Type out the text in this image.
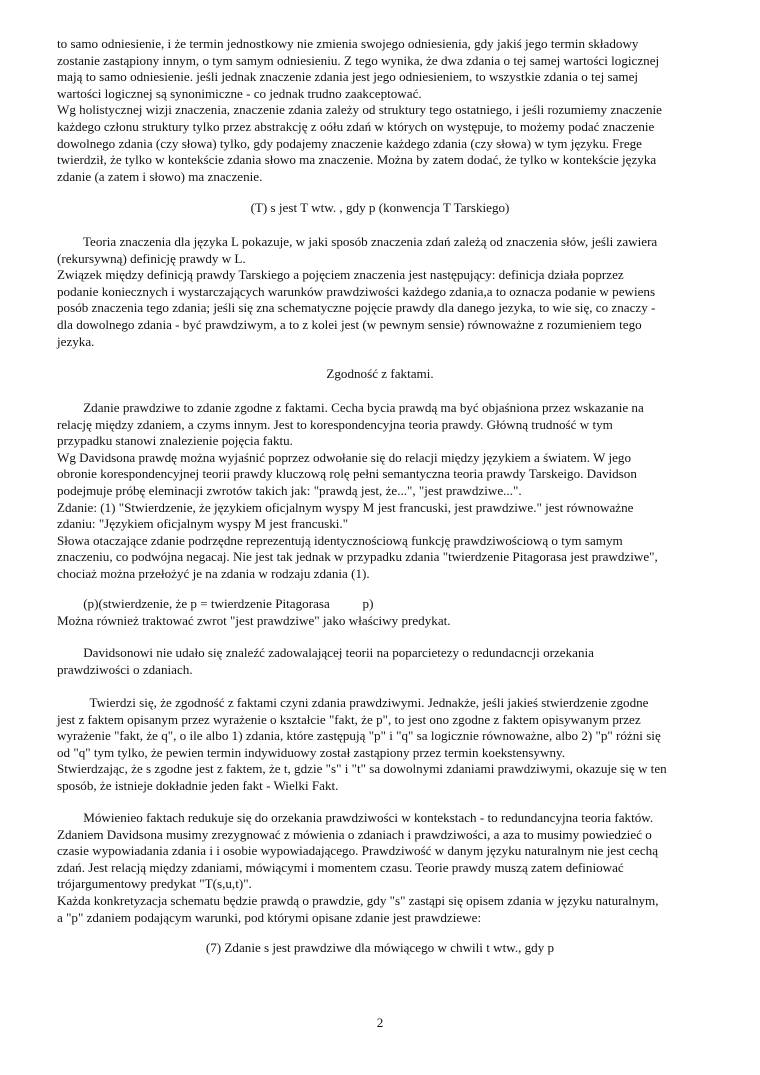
to samo odniesienie, i że termin jednostkowy nie zmienia swojego odniesienia, gdy jakiś jego termin składowy
zostanie zastąpiony innym, o tym samym odniesieniu. Z tego wynika, że dwa zdania o tej samej wartości logicznej
mają to samo odniesienie. jeśli jednak znaczenie zdania jest jego odniesieniem, to wszystkie zdania o tej samej
wartości logicznej są synonimiczne - co jednak trudno zaakceptować.
Wg holistycznej wizji znaczenia, znaczenie zdania zależy od struktury tego ostatniego, i jeśli rozumiemy znaczenie
każdego członu struktury tylko przez abstrakcję z oółu zdań w których on występuje, to możemy podać znaczenie
dowolnego zdania (czy słowa) tylko, gdy podajemy znaczenie każdego zdania (czy słowa) w tym języku. Frege
twierdził, że tylko w kontekście zdania słowo ma znaczenie. Można by zatem dodać, że tylko w kontekście języka
zdanie (a zatem i słowo) ma znaczenie.

(T) s jest T wtw. , gdy p (konwencja T Tarskiego)

Teoria znaczenia dla języka L pokazuje, w jaki sposób znaczenia zdań zależą od znaczenia słów, jeśli zawiera
(rekursywną) definicję prawdy w L.
Związek między definicją prawdy Tarskiego a pojęciem znaczenia jest następujący: definicja działa poprzez
podanie koniecznych i wystarczających warunków prawdziwości każdego zdania,a to oznacza podanie w pewiens
posób znaczenia tego zdania; jeśli się zna schematyczne pojęcie prawdy dla danego jezyka, to wie się, co znaczy -
dla dowolnego zdania - być prawdziwym, a to z kolei jest (w pewnym sensie) równoważne z rozumieniem tego
jezyka.

Zgodność z faktami.

Zdanie prawdziwe to zdanie zgodne z faktami. Cecha bycia prawdą ma być objaśniona przez wskazanie na
relację między zdaniem, a czyms innym. Jest to korespondencyjna teoria prawdy. Główną trudność w tym
przypadku stanowi znalezienie pojęcia faktu.
Wg Davidsona prawdę można wyjaśnić poprzez odwołanie się do relacji między językiem a światem. W jego
obronie korespondencyjnej teorii prawdy kluczową rolę pełni semantyczna teoria prawdy Tarskeigo. Davidson
podejmuje próbę eleminacji zwrotów takich jak: "prawdą jest, że...", "jest prawdziwe...".
Zdanie: (1) "Stwierdzenie, że językiem oficjalnym wyspy M jest francuski, jest prawdziwe." jest równoważne
zdaniu: "Językiem oficjalnym wyspy M jest francuski."
Słowa otaczające zdanie podrzędne reprezentują identycznościową funkcję prawdziwościową o tym samym
znaczeniu, co podwójna negacaj. Nie jest tak jednak w przypadku zdania "twierdzenie Pitagorasa jest prawdziwe",
chociaż można przełożyć je na zdania w rodzaju zdania (1).
(p)(stwierdzenie, że p = twierdzenie Pitagorasa          p)
Można również traktować zwrot "jest prawdziwe" jako właściwy predykat.
Davidsonowi nie udało się znaleźć zadowalającej teorii na poparcietezy o redundacncji orzekania
prawdziwości o zdaniach.
Twierdzi się, że zgodność z faktami czyni zdania prawdziwymi. Jednakże, jeśli jakieś stwierdzenie zgodne
jest z faktem opisanym przez wyrażenie o kształcie "fakt, że p", to jest ono zgodne z faktem opisywanym przez
wyrażenie "fakt, że q", o ile albo 1) zdania, które zastępują "p" i "q" sa logicznie równoważne, albo 2) "p" różni się
od "q" tym tylko, że pewien termin indywiduowy został zastąpiony przez termin koekstensywny.
Stwierdzając, że s zgodne jest z faktem, że t, gdzie "s" i "t" sa dowolnymi zdaniami prawdziwymi, okazuje się w ten
sposób, że istnieje dokładnie jeden fakt - Wielki Fakt.
Mówienieo faktach redukuje się do orzekania prawdziwości w kontekstach - to redundancyjna teoria faktów.
Zdaniem Davidsona musimy zrezygnować z mówienia o zdaniach i prawdziwości, a aza to musimy powiedzieć o
czasie wypowiadania zdania i i osobie wypowiadającego. Prawdziwość w danym języku naturalnym nie jest cechą
zdań. Jest relacją między zdaniami, mówiącymi i momentem czasu. Teorie prawdy muszą zatem definiować
trójargumentowy predykat "T(s,u,t)".
Każda konkretyzacja schematu będzie prawdą o prawdzie, gdy "s" zastąpi się opisem zdania w języku naturalnym,
a "p" zdaniem podającym warunki, pod którymi opisane zdanie jest prawdziewe:

(7) Zdanie s jest prawdziwe dla mówiącego w chwili t wtw., gdy p

2
